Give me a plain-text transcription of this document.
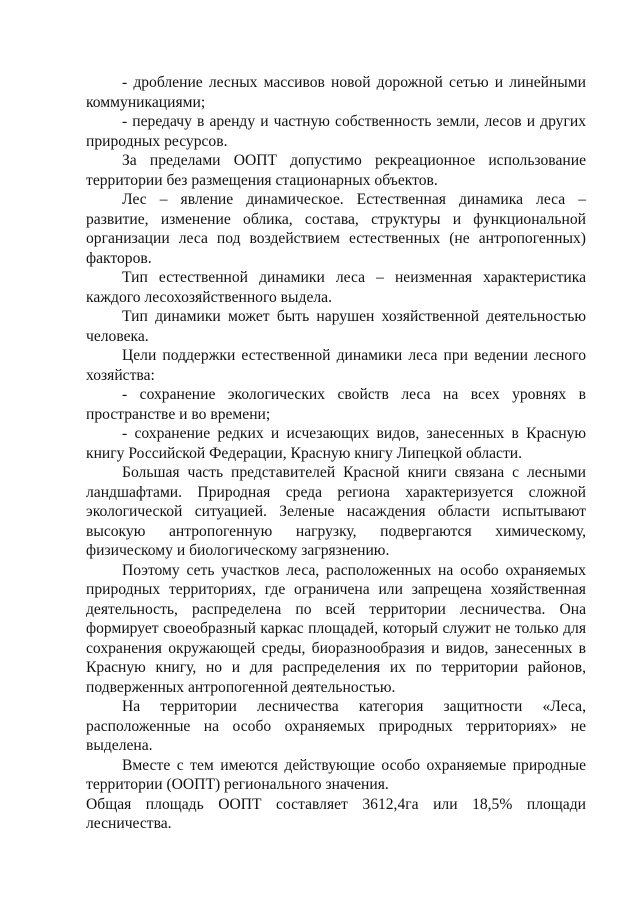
- дробление лесных массивов новой дорожной сетью и линейными коммуникациями;

- передачу в аренду и частную собственность земли, лесов и других природных ресурсов.

За пределами ООПТ допустимо рекреационное использование территории без размещения стационарных объектов.

Лес – явление динамическое. Естественная динамика леса – развитие, изменение облика, состава, структуры и функциональной организации леса под воздействием естественных (не антропогенных) факторов.

Тип естественной динамики леса – неизменная характеристика каждого лесохозяйственного выдела.

Тип динамики может быть нарушен хозяйственной деятельностью человека.

Цели поддержки естественной динамики леса при ведении лесного хозяйства:

- сохранение экологических свойств леса на всех уровнях в пространстве и во времени;

- сохранение редких и исчезающих видов, занесенных в Красную книгу Российской Федерации, Красную книгу Липецкой области.

Большая часть представителей Красной книги связана с лесными ландшафтами. Природная среда региона характеризуется сложной экологической ситуацией. Зеленые насаждения области испытывают высокую антропогенную нагрузку, подвергаются химическому, физическому и биологическому загрязнению.

Поэтому сеть участков леса, расположенных на особо охраняемых природных территориях, где ограничена или запрещена хозяйственная деятельность, распределена по всей территории лесничества. Она формирует своеобразный каркас площадей, который служит не только для сохранения окружающей среды, биоразнообразия и видов, занесенных в Красную книгу, но и для распределения их по территории районов, подверженных антропогенной деятельностью.

На территории лесничества категория защитности «Леса, расположенные на особо охраняемых природных территориях» не выделена.

Вместе с тем имеются действующие особо охраняемые природные территории (ООПТ) регионального значения.

Общая площадь ООПТ составляет 3612,4га или 18,5% площади лесничества.
